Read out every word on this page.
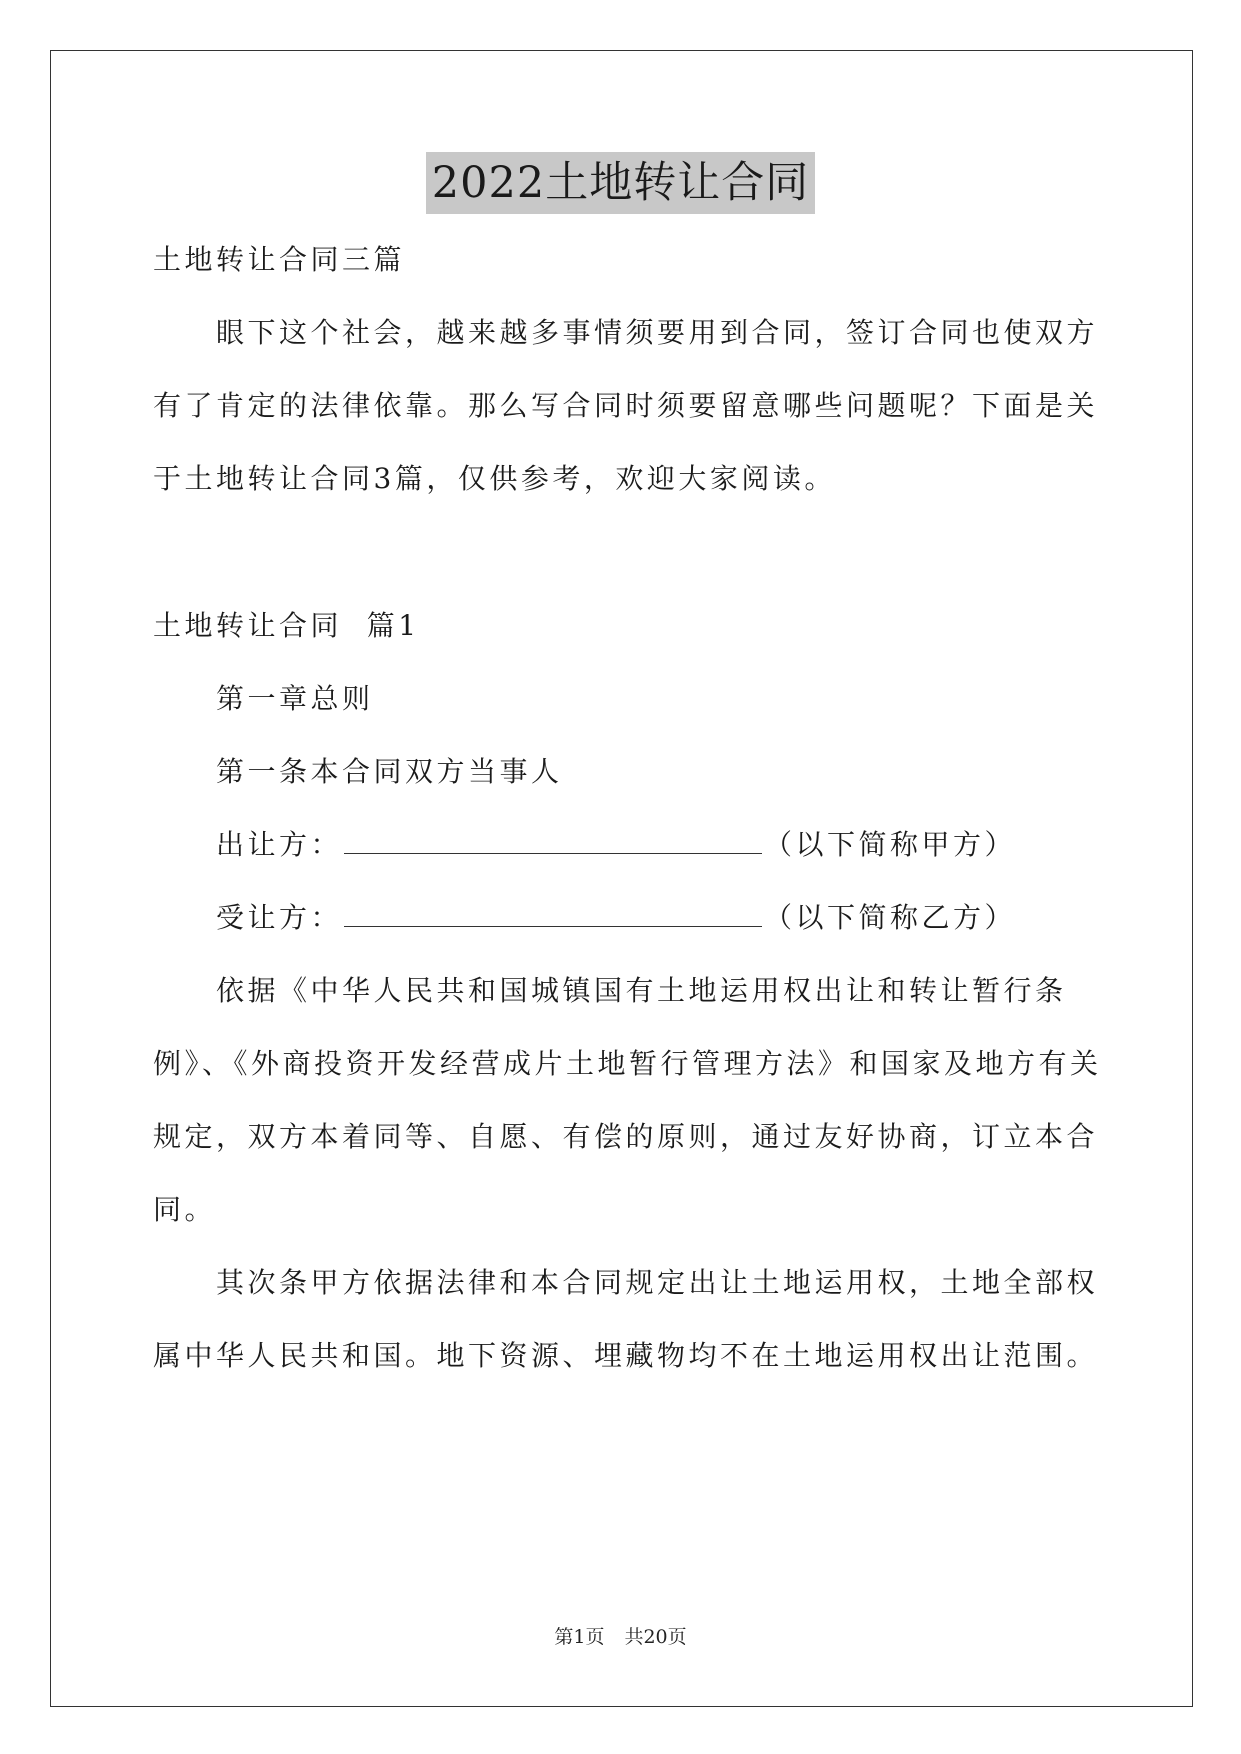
2022土地转让合同
土地转让合同三篇
眼下这个社会，越来越多事情须要用到合同，签订合同也使双方
有了肯定的法律依靠。那么写合同时须要留意哪些问题呢？下面是关
于土地转让合同3篇，仅供参考，欢迎大家阅读。
土地转让合同  篇1
第一章总则
第一条本合同双方当事人
出让方：	（以下简称甲方）
受让方：	（以下简称乙方）
依据《中华人民共和国城镇国有土地运用权出让和转让暂行条
例》、《外商投资开发经营成片土地暂行管理方法》和国家及地方有关
规定，双方本着同等、自愿、有偿的原则，通过友好协商，订立本合
同。
其次条甲方依据法律和本合同规定出让土地运用权，土地全部权
属中华人民共和国。地下资源、埋藏物均不在土地运用权出让范围。
第1页 共20页
